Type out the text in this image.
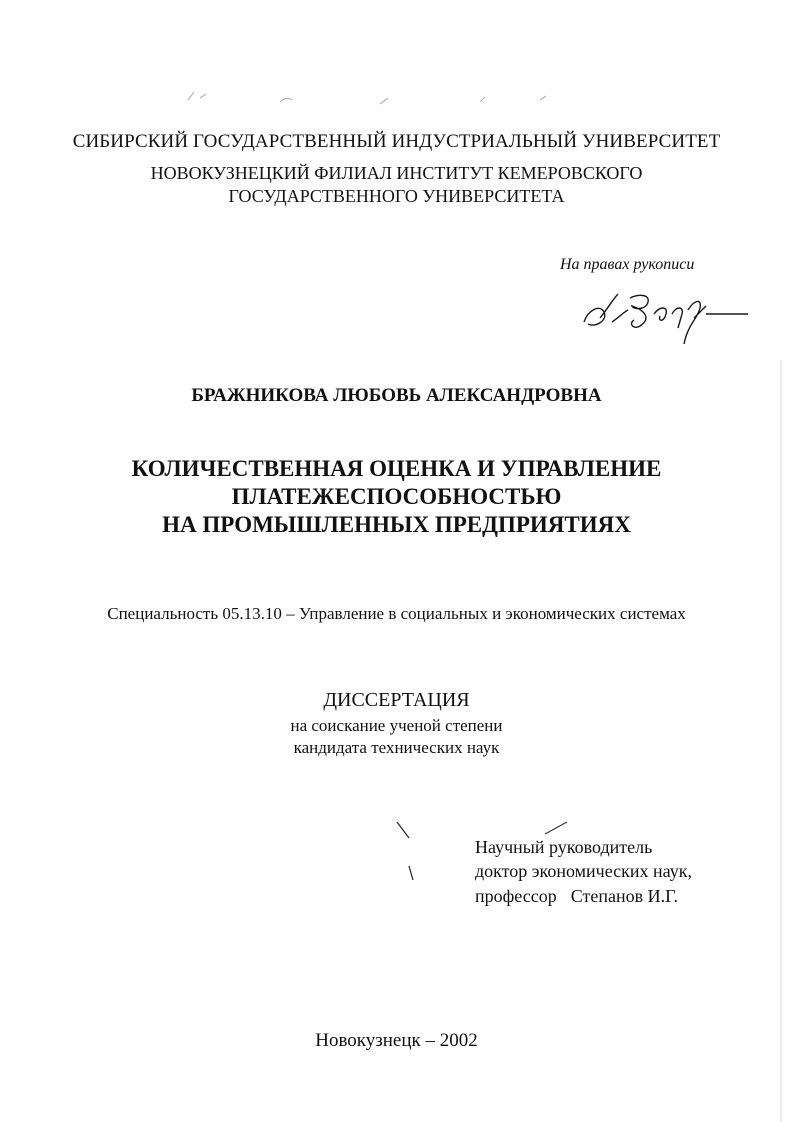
СИБИРСКИЙ ГОСУДАРСТВЕННЫЙ ИНДУСТРИАЛЬНЫЙ УНИВЕРСИТЕТ
НОВОКУЗНЕЦКИЙ ФИЛИАЛ ИНСТИТУТ КЕМЕРОВСКОГО
ГОСУДАРСТВЕННОГО УНИВЕРСИТЕТА
На правах рукописи
БРАЖНИКОВА ЛЮБОВЬ АЛЕКСАНДРОВНА
КОЛИЧЕСТВЕННАЯ ОЦЕНКА И УПРАВЛЕНИЕ
ПЛАТЕЖЕСПОСОБНОСТЬЮ
НА ПРОМЫШЛЕННЫХ ПРЕДПРИЯТИЯХ
Специальность 05.13.10 – Управление в социальных и экономических системах
ДИССЕРТАЦИЯ
на соискание ученой степени
кандидата технических наук
Научный руководитель
доктор экономических наук,
профессор Степанов И.Г.
Новокузнецк – 2002
